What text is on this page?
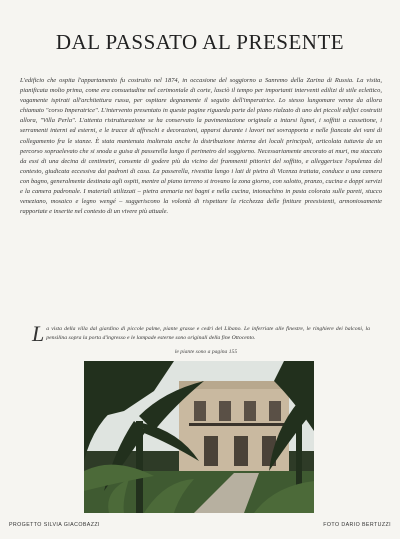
DAL PASSATO AL PRESENTE
L'edificio che ospita l'appartamento fu costruito nel 1874, in occasione del soggiorno a Sanremo della Zarina di Russia. La visita, pianificata molto prima, come era consuetudine nel cerimoniale di corte, lasciò il tempo per importanti interventi edilizi di stile eclettico, vagamente ispirati all'architettura russa, per ospitare degnamente il seguito dell'imperatrice. Lo stesso lungomare venne da allora chiamato "corso Imperatrice". L'intervento presentato in queste pagine riguarda parte del piano rialzato di uno dei piccoli edifici costruiti allora, "Villa Perla". L'attenta ristrutturazione se ha conservato la pavimentazione originale a intarsi lignei, i soffitti a cassettone, i serramenti interni ed esterni, e le tracce di affreschi e decorazioni, apparsi durante i lavori nei sovrapporta e nelle fiancate dei vani di collegamento fra le stanze. È stata mantenuta inalterata anche la distribuzione interna dei locali principali, articolata tuttavia da un percorso sopraelevato che si snoda a guisa di passerella lungo il perimetro del soggiorno. Necessariamente ancorato ai muri, ma staccato da essi di una decina di centimetri, consente di godere più da vicino dei frammenti pittorici del soffitto, e alleggerisce l'opulenza del contesto, giudicata eccessiva dai padroni di casa. La passerella, rivestita lungo i lati di pietra di Vicenza trattata, conduce a una camera con bagno, generalmente destinata agli ospiti, mentre al piano terreno si trovano la zona giorno, con salotto, pranzo, cucina e doppi servizi e la camera padronale. I materiali utilizzati – pietra arenaria nei bagni e nella cucina, intonachino in pasta colorata sulle pareti, stucco veneziano, mosaico e legno wengé – suggeriscono la volontà di rispettare la ricchezza delle finiture preesistenti, armoniosamente rapportate e inserite nel contesto di un vivere più attuale.
La vista della villa dal giardino di piccole palme, piante grasse e cedri del Libano. Le inferriate alle finestre, le ringhiere dei balconi, la pensilina sopra la porta d'ingresso e le lampade esterne sono originali della fine Ottocento.
le piante sono a pagina 155
PROGETTO SILVIA GIACOBAZZI	FOTO DARIO BERTUZZI
